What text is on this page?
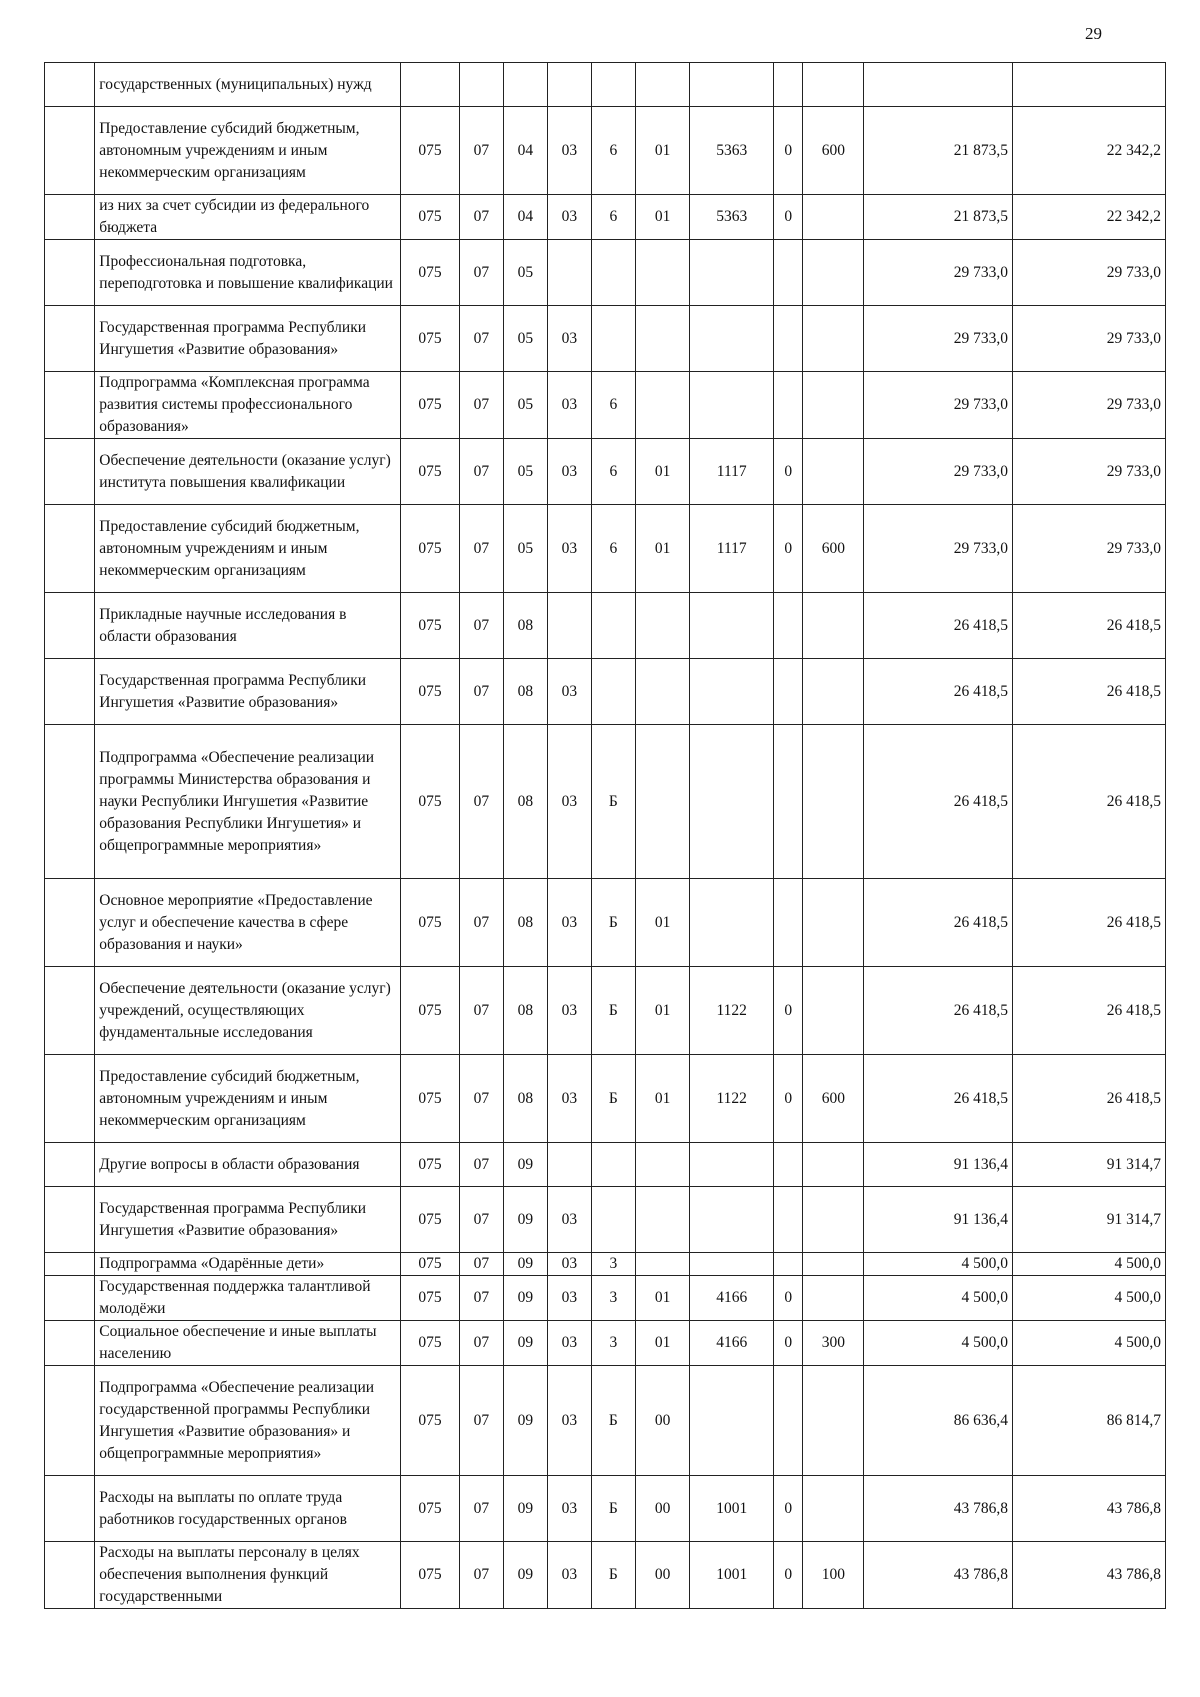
29
	государственных (муниципальных) нужд											
	Предоставление субсидий бюджетным, автономным учреждениям и иным некоммерческим организациям	075	07	04	03	6	01	5363	0	600	21 873,5	22 342,2
	из них за счет субсидии из федерального бюджета	075	07	04	03	6	01	5363	0		21 873,5	22 342,2
	Профессиональная подготовка, переподготовка и повышение квалификации	075	07	05							29 733,0	29 733,0
	Государственная программа Республики Ингушетия «Развитие образования»	075	07	05	03						29 733,0	29 733,0
	Подпрограмма «Комплексная программа развития системы профессионального образования»	075	07	05	03	6					29 733,0	29 733,0
	Обеспечение деятельности (оказание услуг) института повышения квалификации	075	07	05	03	6	01	1117	0		29 733,0	29 733,0
	Предоставление субсидий бюджетным, автономным учреждениям и иным некоммерческим организациям	075	07	05	03	6	01	1117	0	600	29 733,0	29 733,0
	Прикладные научные исследования в области образования	075	07	08							26 418,5	26 418,5
	Государственная программа Республики Ингушетия «Развитие образования»	075	07	08	03						26 418,5	26 418,5
	Подпрограмма «Обеспечение реализации программы Министерства образования и науки Республики Ингушетия «Развитие образования Республики Ингушетия» и общепрограммные мероприятия»	075	07	08	03	Б					26 418,5	26 418,5
	Основное мероприятие «Предоставление услуг и обеспечение качества в сфере образования и науки»	075	07	08	03	Б	01				26 418,5	26 418,5
	Обеспечение деятельности (оказание услуг) учреждений, осуществляющих фундаментальные исследования	075	07	08	03	Б	01	1122	0		26 418,5	26 418,5
	Предоставление субсидий бюджетным, автономным учреждениям и иным некоммерческим организациям	075	07	08	03	Б	01	1122	0	600	26 418,5	26 418,5
	Другие вопросы в области образования	075	07	09							91 136,4	91 314,7
	Государственная программа Республики Ингушетия «Развитие образования»	075	07	09	03						91 136,4	91 314,7
	Подпрограмма «Одарённые дети»	075	07	09	03	3					4 500,0	4 500,0
	Государственная поддержка талантливой молодёжи	075	07	09	03	3	01	4166	0		4 500,0	4 500,0
	Социальное обеспечение и иные выплаты населению	075	07	09	03	3	01	4166	0	300	4 500,0	4 500,0
	Подпрограмма «Обеспечение реализации государственной программы Республики Ингушетия «Развитие образования» и общепрограммные мероприятия»	075	07	09	03	Б	00				86 636,4	86 814,7
	Расходы на выплаты по оплате труда работников государственных органов	075	07	09	03	Б	00	1001	0		43 786,8	43 786,8
	Расходы на выплаты персоналу в целях обеспечения выполнения функций государственными	075	07	09	03	Б	00	1001	0	100	43 786,8	43 786,8
